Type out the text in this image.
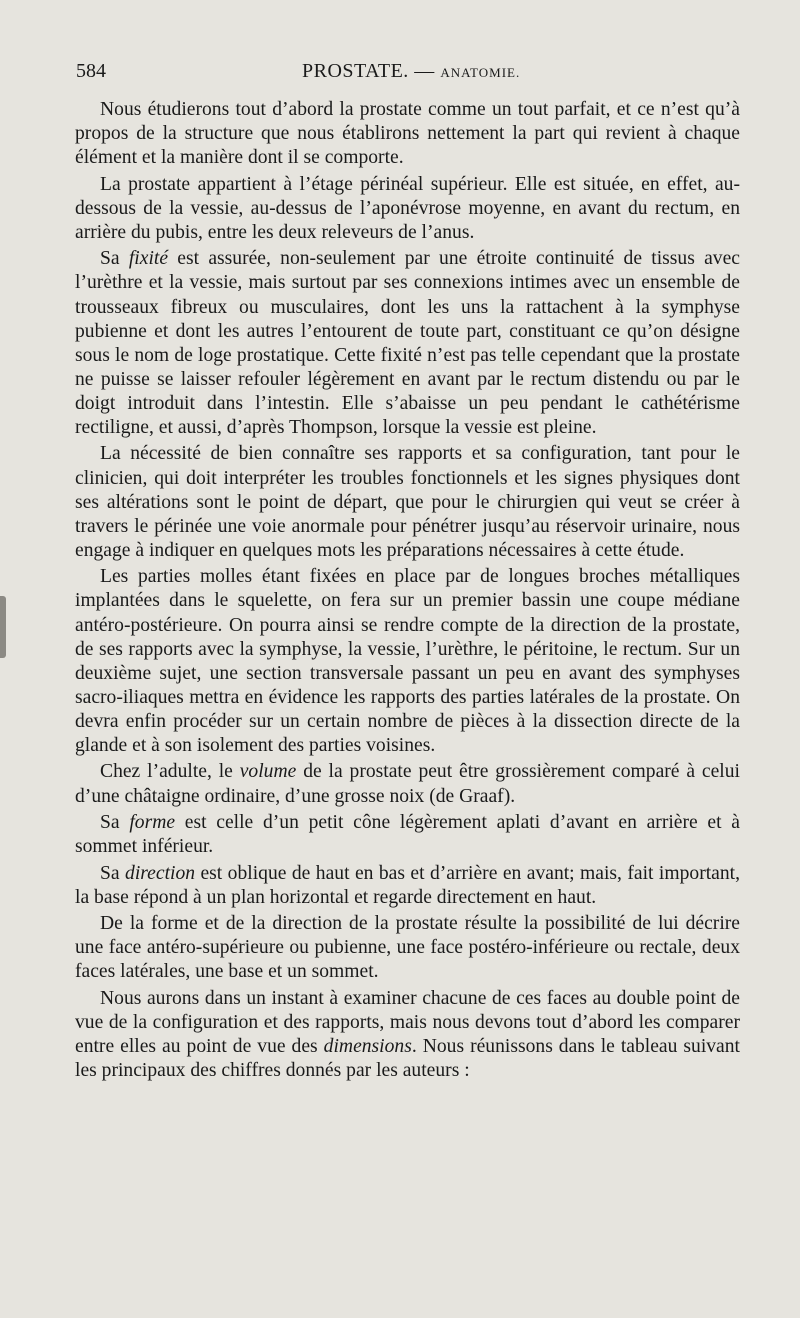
584	PROSTATE. — ANATOMIE.

Nous étudierons tout d’abord la prostate comme un tout parfait, et ce n’est qu’à propos de la structure que nous établirons nettement la part qui revient à chaque élément et la manière dont il se comporte.

La prostate appartient à l’étage périnéal supérieur. Elle est située, en effet, au-dessous de la vessie, au-dessus de l’aponévrose moyenne, en avant du rectum, en arrière du pubis, entre les deux releveurs de l’anus.

Sa fixité est assurée, non-seulement par une étroite continuité de tissus avec l’urèthre et la vessie, mais surtout par ses connexions intimes avec un ensemble de trousseaux fibreux ou musculaires, dont les uns la rattachent à la symphyse pubienne et dont les autres l’entourent de toute part, constituant ce qu’on désigne sous le nom de loge prostatique. Cette fixité n’est pas telle cependant que la prostate ne puisse se laisser refouler légèrement en avant par le rectum distendu ou par le doigt introduit dans l’intestin. Elle s’abaisse un peu pendant le cathétérisme rectiligne, et aussi, d’après Thompson, lorsque la vessie est pleine.

La nécessité de bien connaître ses rapports et sa configuration, tant pour le clinicien, qui doit interpréter les troubles fonctionnels et les signes physiques dont ses altérations sont le point de départ, que pour le chirurgien qui veut se créer à travers le périnée une voie anormale pour pénétrer jusqu’au réservoir urinaire, nous engage à indiquer en quelques mots les préparations nécessaires à cette étude.

Les parties molles étant fixées en place par de longues broches métalliques implantées dans le squelette, on fera sur un premier bassin une coupe médiane antéro-postérieure. On pourra ainsi se rendre compte de la direction de la prostate, de ses rapports avec la symphyse, la vessie, l’urèthre, le péritoine, le rectum. Sur un deuxième sujet, une section transversale passant un peu en avant des symphyses sacro-iliaques mettra en évidence les rapports des parties latérales de la prostate. On devra enfin procéder sur un certain nombre de pièces à la dissection directe de la glande et à son isolement des parties voisines.

Chez l’adulte, le volume de la prostate peut être grossièrement comparé à celui d’une châtaigne ordinaire, d’une grosse noix (de Graaf).

Sa forme est celle d’un petit cône légèrement aplati d’avant en arrière et à sommet inférieur.

Sa direction est oblique de haut en bas et d’arrière en avant; mais, fait important, la base répond à un plan horizontal et regarde directement en haut.

De la forme et de la direction de la prostate résulte la possibilité de lui décrire une face antéro-supérieure ou pubienne, une face postéro-inférieure ou rectale, deux faces latérales, une base et un sommet.

Nous aurons dans un instant à examiner chacune de ces faces au double point de vue de la configuration et des rapports, mais nous devons tout d’abord les comparer entre elles au point de vue des dimensions. Nous réunissons dans le tableau suivant les principaux des chiffres donnés par les auteurs :
